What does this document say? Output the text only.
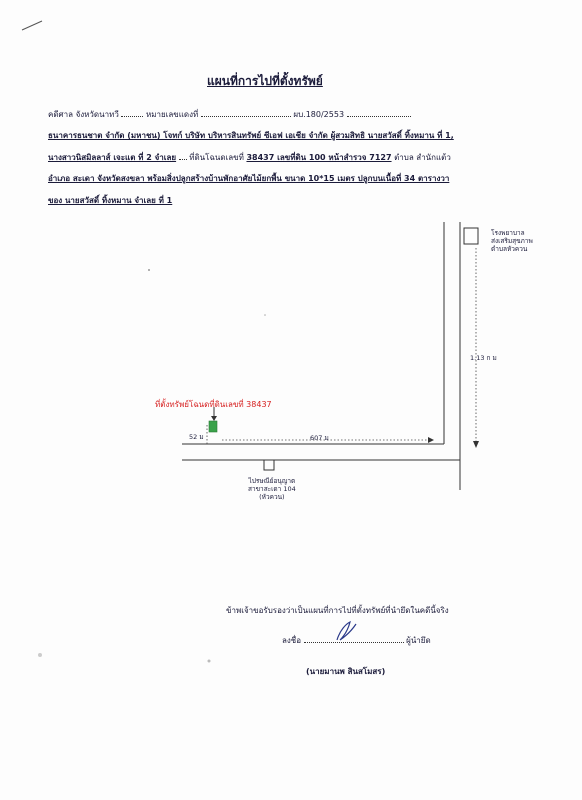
แผนที่การไปที่ตั้งทรัพย์
คดีศาล จังหวัดนาทวี	หมายเลขแดงที่	ผบ.180/2553
ธนาคารธนชาต จำกัด (มหาชน) โจทก์ บริษัท บริหารสินทรัพย์ ซีเอฟ เอเชีย จำกัด ผู้สวมสิทธิ นายสวัสดิ์ ทิ้งหมาน ที่ 1,
นางสาวนิสมิลลาส์ เจะแต ที่ 2 จำเลย ที่ดินโฉนดเลขที่ 38437 เลขที่ดิน 100 หน้าสำรวจ 7127 ตำบล สำนักแต้ว
อำเภอ สะเดา จังหวัดสงขลา พร้อมสิ่งปลูกสร้างบ้านพักอาศัยไม้ยกพื้น ขนาด 10*15 เมตร ปลูกบนเนื้อที่ 34 ตารางวา
ของ นายสวัสดิ์ ทิ้งหมาน จำเลย ที่ 1
โรงพยาบาล
ส่งเสริมสุขภาพ
ตำบลหัวควน
1.13 ก ม
ที่ตั้งทรัพย์โฉนดที่ดินเลขที่ 38437
52 ม	607 ม
ไปรษณีย์อนุญาต
สาขาสะเดา 104
(หัวควน)
ข้าพเจ้าขอรับรองว่าเป็นแผนที่การไปที่ตั้งทรัพย์ที่นำยึดในคดีนี้จริง
ลงชื่อ	ผู้นำยึด
(นายมานพ สินสโมสร)
